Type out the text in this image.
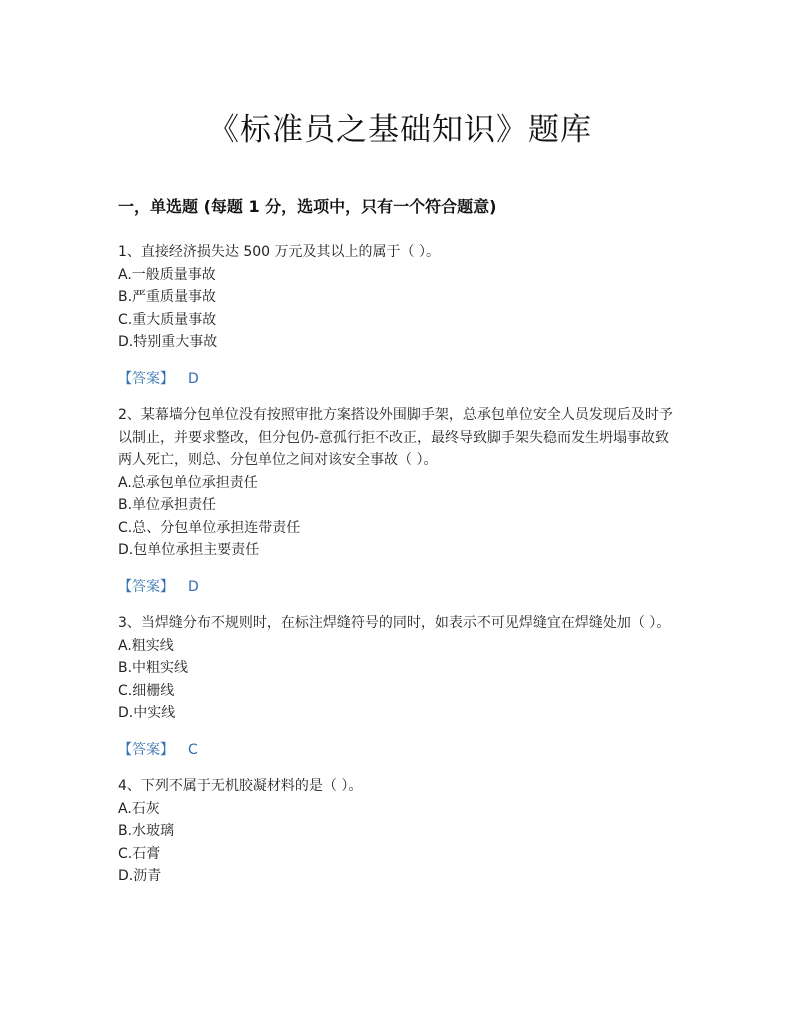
《标准员之基础知识》题库
一，单选题 (每题 1 分，选项中，只有一个符合题意)

1、直接经济损失达 500 万元及其以上的属于（ ）。

A.一般质量事故

B.严重质量事故

C.重大质量事故

D.特别重大事故

【答案】 D

2、某幕墙分包单位没有按照审批方案搭设外围脚手架，总承包单位安全人员发现后及时予以制止，并要求整改，但分包仍-意孤行拒不改正，最终导致脚手架失稳而发生坍塌事故致两人死亡，则总、分包单位之间对该安全事故（ ）。

A.总承包单位承担责任

B.单位承担责任

C.总、分包单位承担连带责任

D.包单位承担主要责任

【答案】 D

3、当焊缝分布不规则时，在标注焊缝符号的同时，如表示不可见焊缝宜在焊缝处加（ ）。

A.粗实线

B.中粗实线

C.细栅线

D.中实线

【答案】 C

4、下列不属于无机胶凝材料的是（ ）。

A.石灰

B.水玻璃

C.石膏

D.沥青
